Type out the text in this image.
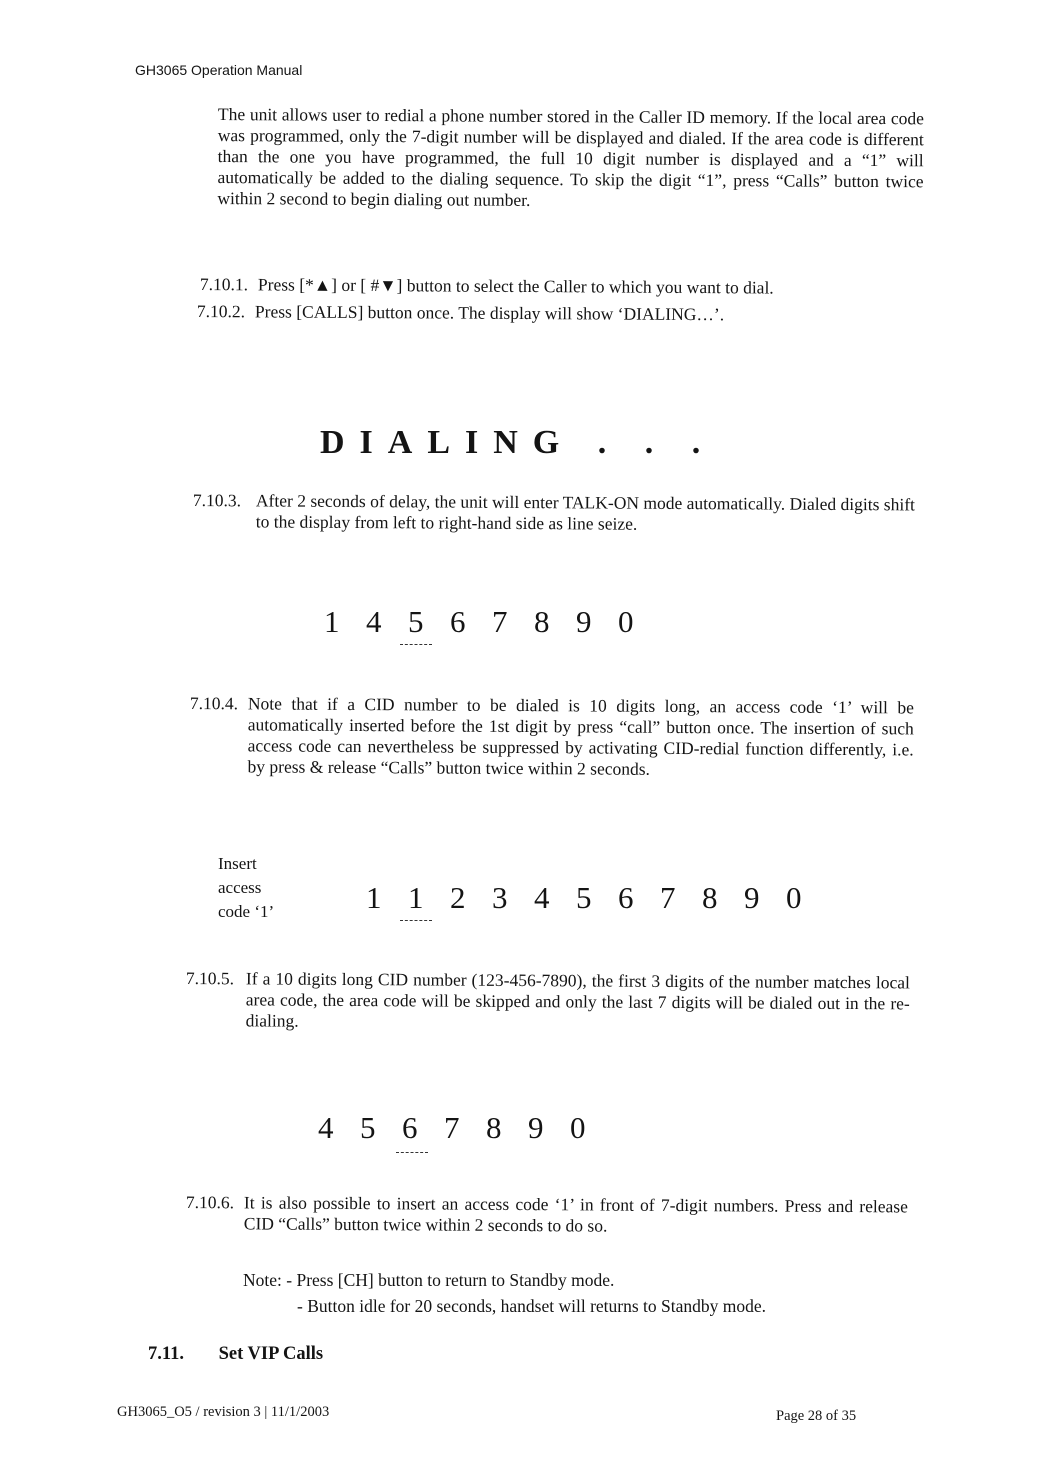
GH3065 Operation Manual
The unit allows user to redial a phone number stored in the Caller ID memory. If the local area code was programmed, only the 7-digit number will be displayed and dialed. If the area code is different than the one you have programmed, the full 10 digit number is displayed and a “1” will automatically be added to the dialing sequence. To skip the digit “1”, press “Calls” button twice within 2 second to begin dialing out number.
7.10.1. Press [*▲] or [ #▼] button to select the Caller to which you want to dial.
7.10.2. Press [CALLS] button once. The display will show ‘DIALING…’.
DIALING . . .
7.10.3. After 2 seconds of delay, the unit will enter TALK-ON mode automatically. Dialed digits shift to the display from left to right-hand side as line seize.
1 4 5 6 7 8 9 0
7.10.4. Note that if a CID number to be dialed is 10 digits long, an access code ‘1’ will be automatically inserted before the 1st digit by press “call” button once. The insertion of such access code can nevertheless be suppressed by activating CID-redial function differently, i.e. by press & release “Calls” button twice within 2 seconds.
Insert
access
code ‘1’	1 1 2 3 4 5 6 7 8 9 0
7.10.5. If a 10 digits long CID number (123-456-7890), the first 3 digits of the number matches local area code, the area code will be skipped and only the last 7 digits will be dialed out in the re-dialing.
4 5 6 7 8 9 0
7.10.6. It is also possible to insert an access code ‘1’ in front of 7-digit numbers. Press and release CID “Calls” button twice within 2 seconds to do so.
Note: - Press [CH] button to return to Standby mode.
- Button idle for 20 seconds, handset will returns to Standby mode.
7.11. Set VIP Calls
GH3065_O5 / revision 3 | 11/1/2003	Page 28 of 35
